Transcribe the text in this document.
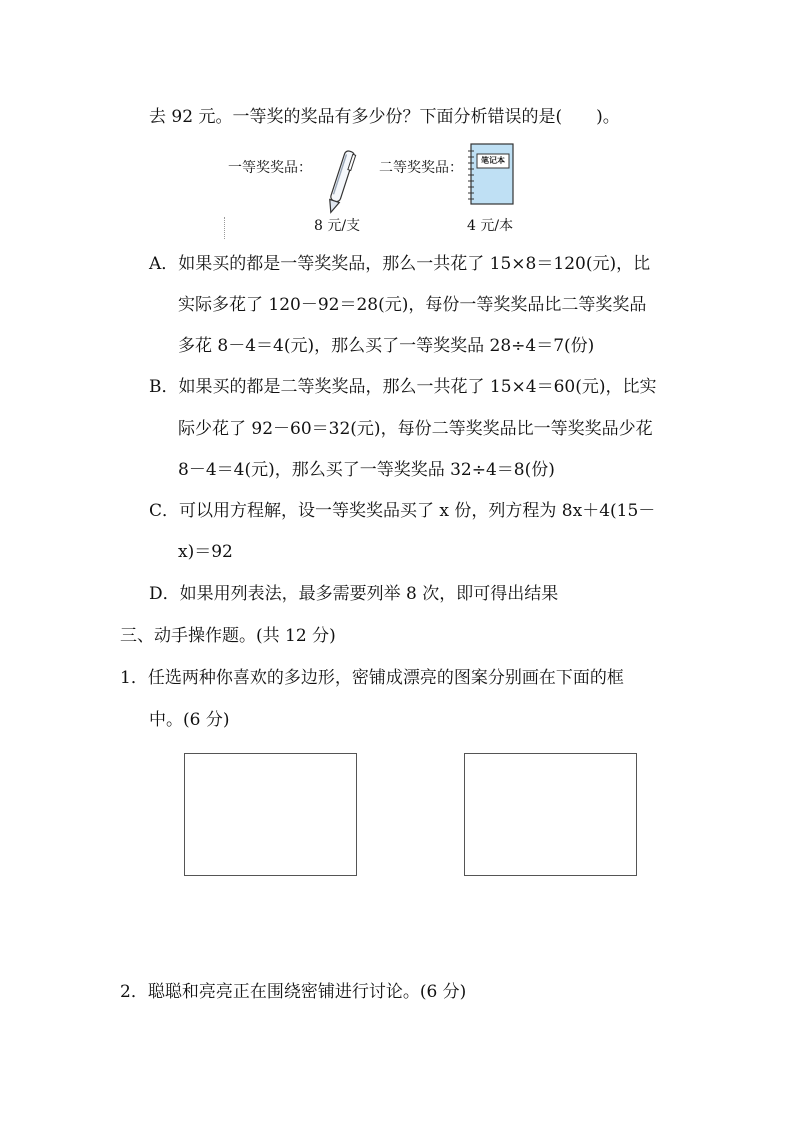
去 92 元。一等奖的奖品有多少份？下面分析错误的是(　　)。
一等奖奖品：
8 元/支
二等奖奖品：	笔记本
4 元/本
A．如果买的都是一等奖奖品，那么一共花了 15×8＝120(元)，比
实际多花了 120－92＝28(元)，每份一等奖奖品比二等奖奖品
多花 8－4＝4(元)，那么买了一等奖奖品 28÷4＝7(份)
B．如果买的都是二等奖奖品，那么一共花了 15×4＝60(元)，比实
际少花了 92－60＝32(元)，每份二等奖奖品比一等奖奖品少花
8－4＝4(元)，那么买了一等奖奖品 32÷4＝8(份)
C．可以用方程解，设一等奖奖品买了 x 份，列方程为 8x＋4(15－
x)＝92
D．如果用列表法，最多需要列举 8 次，即可得出结果
三、动手操作题。(共 12 分)
1．任选两种你喜欢的多边形，密铺成漂亮的图案分别画在下面的框
中。(6 分)
2．聪聪和亮亮正在围绕密铺进行讨论。(6 分)
